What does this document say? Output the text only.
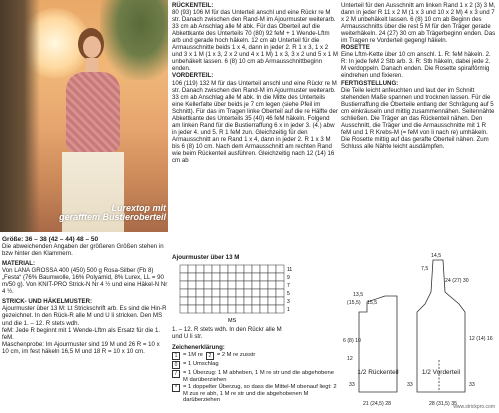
Lurextop mit
gerafftem Bustieroberteil

Größe: 36 – 38 (42 – 44) 48 – 50

Die abweichenden Angaben der größeren Größen stehen in bzw hinter den Klammern.

MATERIAL:

Von LANA GROSSA 400 (450) 500 g Rosa-Silber (Fb 8) „Festa“ (76% Baumwolle, 16% Polyamid, 8% Lurex, LL = 90 m/50 g). Von KNIT-PRO Strick-N Nr 4 ½ und eine Häkel-N Nr 4 ½.

STRICK- UND HÄKELMUSTER:

Ajourmuster über 13 M: Lt Strickschrift arb. Es sind die Hin-R gezeichnet. In den Rück-R alle M und U li stricken. Den MS und die 1. – 12. R stets wdh.

feM: Jede R beginnt mit 1 Wende-Lftm als Ersatz für die 1. feM.

Maschenprobe: Im Ajourmuster sind 19 M und 26 R = 10 x 10 cm, im fest häkeln 16,5 M und 18 R = 10 x 10 cm.

RÜCKENTEIL:

80 (93) 106 M für das Unterteil anschl und eine Rückr re M str. Danach zwischen den Rand-M im Ajourmuster weiterarb. 33 cm ab Anschlag alle M abk. Für das Oberteil auf die Abkettkante des Unterteils 70 (80) 92 feM + 1 Wende-Lftm arb und gerade hoch häkeln. 12 cm ab Unterteil für die Armausschnitte beids 1 x 4, dann in jeder 2. R 1 x 3, 1 x 2 und 3 x 1 M (1 x 3, 2 x 2 und 4 x 1 M) 1 x 3, 3 x 2 und 5 x 1 M unbehäkelt lassen. 6 (8) 10 cm ab Armausschnittbeginn enden.

VORDERTEIL:

106 (119) 132 M für das Unterteil anschl und eine Rückr re M str. Danach zwischen den Rand-M im Ajourmuster weiterarb. 33 cm ab Anschlag alle M abk. In die Mitte des Unterteils eine Kellerfalte über beids je 7 cm legen (siehe Pfeil im Schnitt). Für das im Tragen linke Oberteil auf die re Hälfte der Abkettkante des Unterteils 35 (40) 46 feM häkeln. Folgend am linken Rand für die Bustierraffung 6 x in jeder 3. (4.) abw in jeder 4. und 5. R 1 feM zun. Gleichzeitig für den Armausschnitt an re Rand 1 x 4, dann in jeder 2. R 1 x 3 M bis 6 (8) 10 cm. Nach dem Armausschnitt am rechten Rand wie beim Rückenteil ausführen. Gleichzeitig nach 12 (14) 16 cm ab

Ajourmuster über 13 M
11
9
7
5
3
1
MS
1. – 12. R stets wdh. In den Rückr alle M und U li str.
Zeichenerklärung:
1 = 1M re	2 = 2 M re zusstr
0 = 1 Umschlag
/	= 1 Überzug: 1 M abheben, 1 M re str und die abgehobene M darüberziehen
^	= 1 doppelter Überzug, so dass die Mittel-M obenauf liegt: 2 M zus re abh, 1 M re str und die abgehobenen M darüberziehen

Unterteil für den Ausschnitt am linken Rand 1 x 2 (3) 3 M, dann in jeder R 11 x 2 M (1 x 3 und 10 x 2 M) 4 x 3 und 7 x 2 M unbehäkelt lassen. 6 (8) 10 cm ab Beginn des Armausschnitts über die rest 5 M für den Träger gerade weiterhäkeln. 24 (27) 30 cm ab Trägerbeginn enden. Das im Tragen re Vorderteil gegengl häkeln.

ROSETTE

Eine Lftm-Kette über 10 cm anschl. 1. R: feM häkeln. 2. R: In jede feM 2 Stb arb. 3. R: Stb häkeln, dabei jede 2. M verdoppeln. Danach enden. Die Rosette spiralförmig eindrehen und fixieren.

FERTIGSTELLUNG:

Die Teile leicht anfeuchten und laut der im Schnitt stehenden Maße spannen und trocknen lassen. Für die Bustierraffung die Oberteile entlang der Schrägung auf 5 cm einkräuseln und mittig zusammennähen. Seitennähte schließen. Die Träger an das Rückenteil nähen. Den Ausschnitt, die Träger und die Armausschnitte mit 1 R feM und 1 R Krebs-M (= feM von li nach re) umhäkeln. Die Rosette mittig auf das gerafte Oberteil nähen. Zum Schluss alle Nähte leicht ausdämpfen.

13,5
(15,5) 15,5
6 (8) 10
12
33
21 (24,5) 28
14,5
7,5
24 (27) 30
12 (14) 16
33
33
28 (31,5) 35
1/2 Rückenteil	1/2 Vorderteil
www.strickpro.com
